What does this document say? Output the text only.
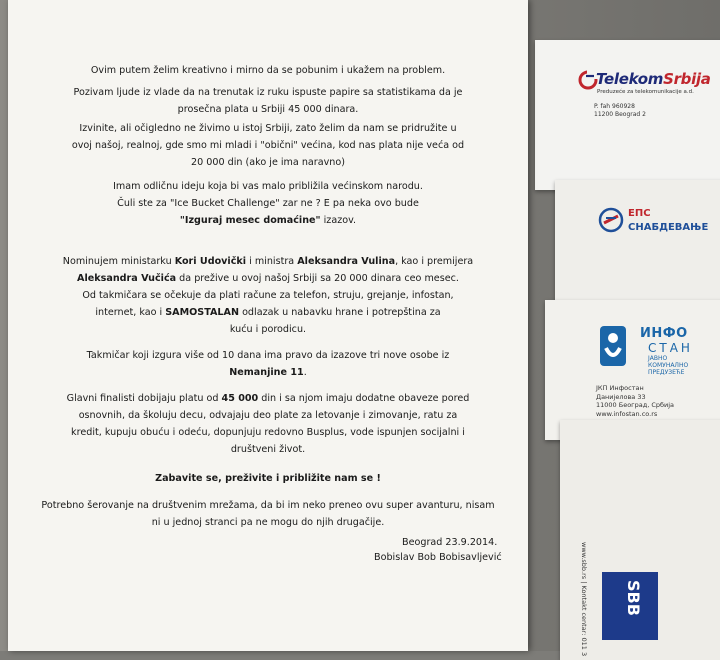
TelekomSrbija
Preduzeće za telekomunikacije a.d.
P. fah 960928
11200 Beograd 2
ЕПС
СНАБДЕВАЊЕ
ИНФО
СТАН
ЈАВНО
КОМУНАЛНО
ПРЕДУЗЕЋЕ
ЈКП Инфостан
Данијелова 33
11000 Београд, Србија
www.infostan.co.rs
www.sbb.rs | Kontakt centar: 011 3 SBB
Ovim putem želim kreativno i mirno da se pobunim i ukažem na problem.
Pozivam ljude iz vlade da na trenutak iz ruku ispuste papire sa statistikama da je
prosečna plata u Srbiji 45 000 dinara.
Izvinite, ali očigledno ne živimo u istoj Srbiji, zato želim da nam se pridružite u
ovoj našoj, realnoj, gde smo mi mladi i "obični" većina, kod nas plata nije veća od
20 000 din (ako je ima naravno)
Imam odličnu ideju koja bi vas malo približila većinskom narodu.
Čuli ste za "Ice Bucket Challenge" zar ne ? E pa neka ovo bude
"Izguraj mesec domaćine" izazov.
Nominujem ministarku Kori Udovički i ministra Aleksandra Vulina, kao i premijera
Aleksandra Vučića da prežive u ovoj našoj Srbiji sa 20 000 dinara ceo mesec.
Od takmičara se očekuje da plati račune za telefon, struju, grejanje, infostan,
internet, kao i SAMOSTALAN odlazak u nabavku hrane i potrepština za
kuću i porodicu.
Takmičar koji izgura više od 10 dana ima pravo da izazove tri nove osobe iz
Nemanjine 11.
Glavni finalisti dobijaju platu od 45 000 din i sa njom imaju dodatne obaveze pored
osnovnih, da školuju decu, odvajaju deo plate za letovanje i zimovanje, ratu za
kredit, kupuju obuću i odeću, dopunjuju redovno Busplus, vode ispunjen socijalni i
društveni život.
Zabavite se, preživite i približite nam se !
Potrebno šerovanje na društvenim mrežama, da bi im neko preneo ovu super avanturu, nisam
ni u jednoj stranci pa ne mogu do njih drugačije.
Beograd 23.9.2014.
Bobislav Bob Bobisavljević
